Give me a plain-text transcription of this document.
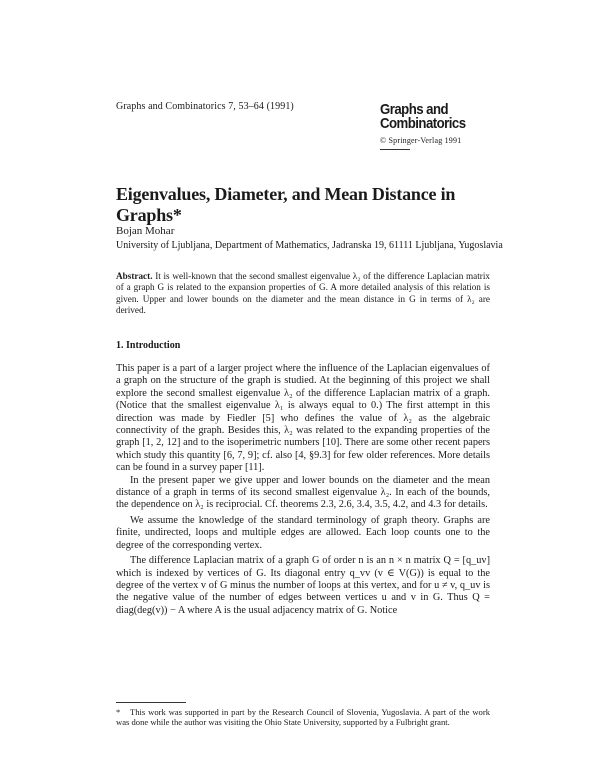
Graphs and Combinatorics 7, 53–64 (1991)	Graphs and
Combinatorics
© Springer-Verlag 1991
Eigenvalues, Diameter, and Mean Distance in Graphs*
Bojan Mohar
University of Ljubljana, Department of Mathematics, Jadranska 19, 61111 Ljubljana, Yugoslavia
Abstract. It is well-known that the second smallest eigenvalue λ₂ of the difference Laplacian matrix of a graph G is related to the expansion properties of G. A more detailed analysis of this relation is given. Upper and lower bounds on the diameter and the mean distance in G in terms of λ₂ are derived.
1. Introduction

This paper is a part of a larger project where the influence of the Laplacian eigenvalues of a graph on the structure of the graph is studied. At the beginning of this project we shall explore the second smallest eigenvalue λ₂ of the difference Laplacian matrix of a graph. (Notice that the smallest eigenvalue λ₁ is always equal to 0.) The first attempt in this direction was made by Fiedler [5] who defines the value of λ₂ as the algebraic connectivity of the graph. Besides this, λ₂ was related to the expanding properties of the graph [1, 2, 12] and to the isoperimetric numbers [10]. There are some other recent papers which study this quantity [6, 7, 9]; cf. also [4, §9.3] for few older references. More details can be found in a survey paper [11].

In the present paper we give upper and lower bounds on the diameter and the mean distance of a graph in terms of its second smallest eigenvalue λ₂. In each of the bounds, the dependence on λ₂ is reciprocial. Cf. theorems 2.3, 2.6, 3.4, 3.5, 4.2, and 4.3 for details.

We assume the knowledge of the standard terminology of graph theory. Graphs are finite, undirected, loops and multiple edges are allowed. Each loop counts one to the degree of the corresponding vertex.

The difference Laplacian matrix of a graph G of order n is an n × n matrix Q = [q_uv] which is indexed by vertices of G. Its diagonal entry q_vv (v ∈ V(G)) is equal to the degree of the vertex v of G minus the number of loops at this vertex, and for u ≠ v, q_uv is the negative value of the number of edges between vertices u and v in G. Thus Q = diag(deg(v)) − A where A is the usual adjacency matrix of G. Notice

* This work was supported in part by the Research Council of Slovenia, Yugoslavia. A part of the work was done while the author was visiting the Ohio State University, supported by a Fulbright grant.
